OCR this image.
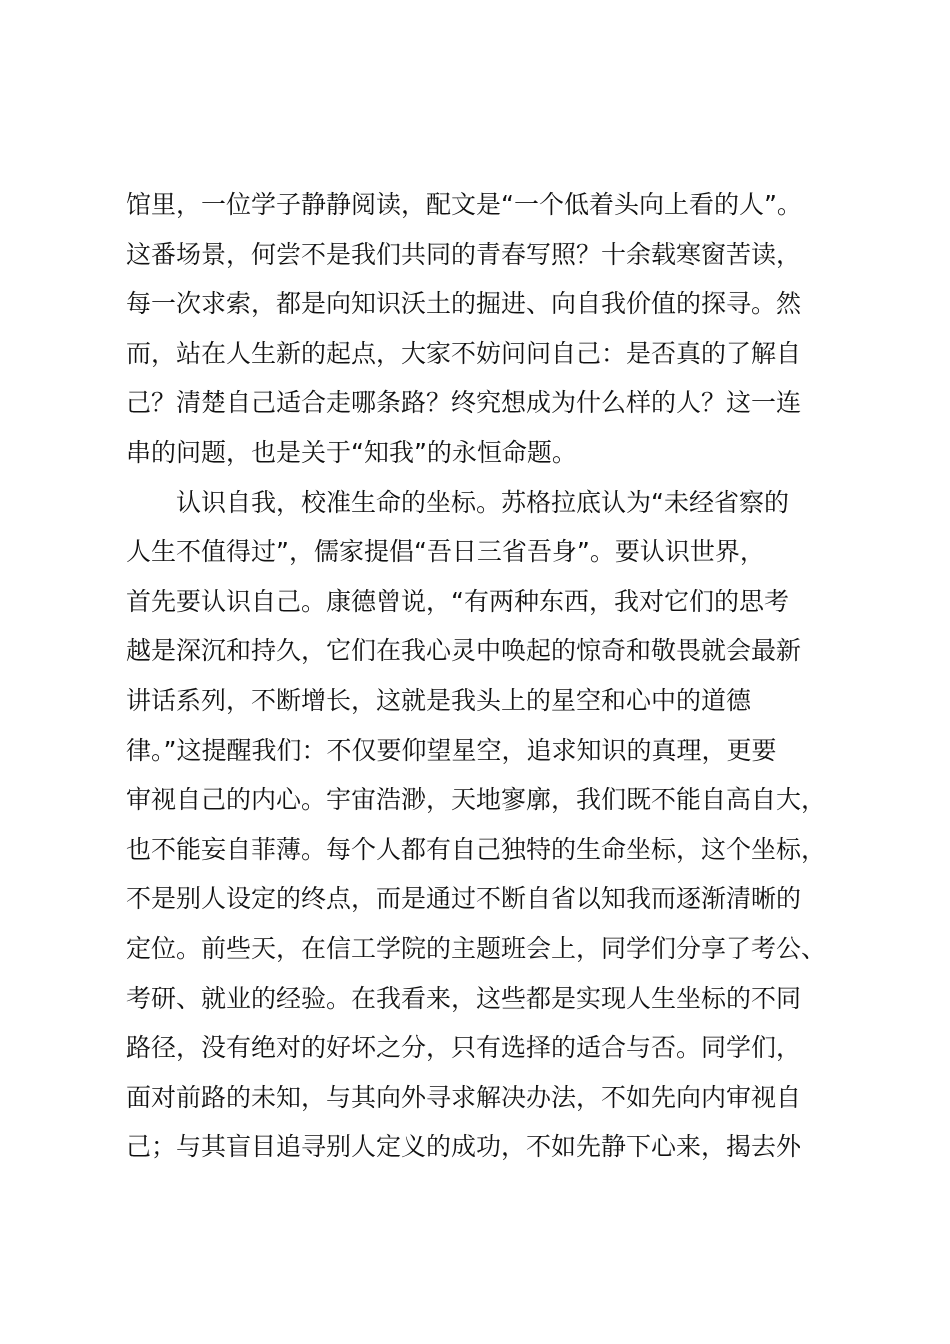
馆里，一位学子静静阅读，配文是“一个低着头向上看的人”。
这番场景，何尝不是我们共同的青春写照？十余载寒窗苦读，
每一次求索，都是向知识沃土的掘进、向自我价值的探寻。然
而，站在人生新的起点，大家不妨问问自己：是否真的了解自
己？清楚自己适合走哪条路？终究想成为什么样的人？这一连
串的问题，也是关于“知我”的永恒命题。
认识自我，校准生命的坐标。苏格拉底认为“未经省察的
人生不值得过”，儒家提倡“吾日三省吾身”。要认识世界，
首先要认识自己。康德曾说，“有两种东西，我对它们的思考
越是深沉和持久，它们在我心灵中唤起的惊奇和敬畏就会最新
讲话系列，不断增长，这就是我头上的星空和心中的道德
律。”这提醒我们：不仅要仰望星空，追求知识的真理，更要
审视自己的内心。宇宙浩渺，天地寥廓，我们既不能自高自大，
也不能妄自菲薄。每个人都有自己独特的生命坐标，这个坐标，
不是别人设定的终点，而是通过不断自省以知我而逐渐清晰的
定位。前些天，在信工学院的主题班会上，同学们分享了考公、
考研、就业的经验。在我看来，这些都是实现人生坐标的不同
路径，没有绝对的好坏之分，只有选择的适合与否。同学们，
面对前路的未知，与其向外寻求解决办法，不如先向内审视自
己；与其盲目追寻别人定义的成功，不如先静下心来，揭去外
